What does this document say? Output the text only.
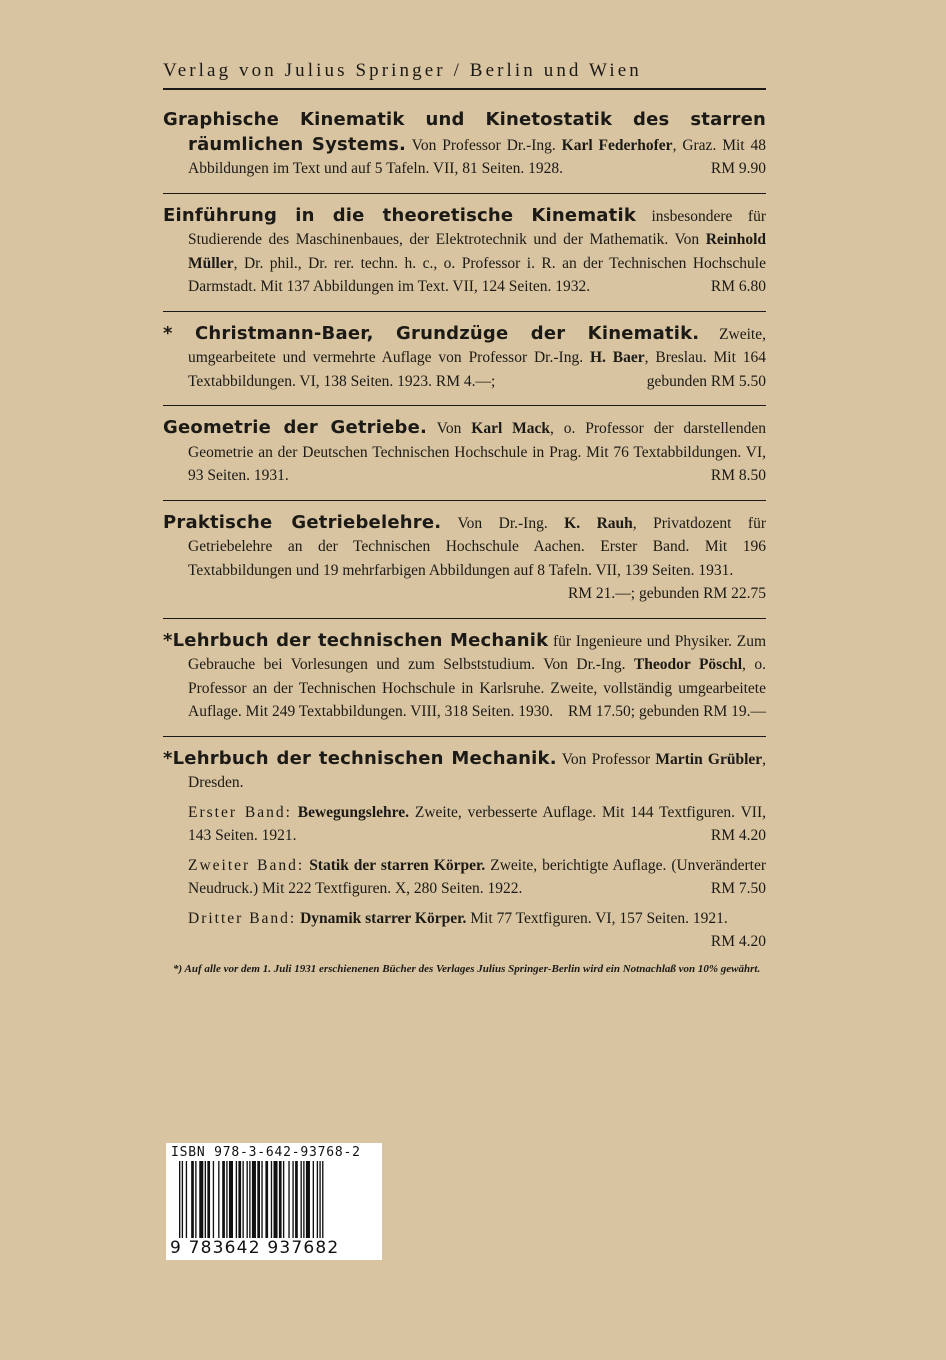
Verlag von Julius Springer / Berlin und Wien
Graphische Kinematik und Kinetostatik des starren räumlichen Systems. Von Professor Dr.-Ing. Karl Federhofer, Graz. Mit 48 Abbildungen im Text und auf 5 Tafeln. VII, 81 Seiten. 1928.	RM 9.90
Einführung in die theoretische Kinematik insbesondere für Studierende des Maschinenbaues, der Elektrotechnik und der Mathematik. Von Reinhold Müller, Dr. phil., Dr. rer. techn. h. c., o. Professor i. R. an der Technischen Hochschule Darmstadt. Mit 137 Abbildungen im Text. VII, 124 Seiten. 1932.	RM 6.80
* Christmann-Baer, Grundzüge der Kinematik. Zweite, umgearbeitete und vermehrte Auflage von Professor Dr.-Ing. H. Baer, Breslau. Mit 164 Textabbildungen. VI, 138 Seiten. 1923. RM 4.—;	gebunden RM 5.50
Geometrie der Getriebe. Von Karl Mack, o. Professor der darstellenden Geometrie an der Deutschen Technischen Hochschule in Prag. Mit 76 Textabbildungen. VI, 93 Seiten. 1931.	RM 8.50
Praktische Getriebelehre. Von Dr.-Ing. K. Rauh, Privatdozent für Getriebelehre an der Technischen Hochschule Aachen. Erster Band. Mit 196 Textabbildungen und 19 mehrfarbigen Abbildungen auf 8 Tafeln. VII, 139 Seiten. 1931.
RM 21.—; gebunden RM 22.75
*Lehrbuch der technischen Mechanik für Ingenieure und Physiker. Zum Gebrauche bei Vorlesungen und zum Selbststudium. Von Dr.-Ing. Theodor Pöschl, o. Professor an der Technischen Hochschule in Karlsruhe. Zweite, vollständig umgearbeitete Auflage. Mit 249 Textabbildungen. VIII, 318 Seiten. 1930. RM 17.50; gebunden RM 19.—
*Lehrbuch der technischen Mechanik. Von Professor Martin Grübler, Dresden.
Erster Band: Bewegungslehre. Zweite, verbesserte Auflage. Mit 144 Textfiguren. VII, 143 Seiten. 1921.	RM 4.20
Zweiter Band: Statik der starren Körper. Zweite, berichtigte Auflage. (Unveränderter Neudruck.) Mit 222 Textfiguren. X, 280 Seiten. 1922.	RM 7.50
Dritter Band: Dynamik starrer Körper. Mit 77 Textfiguren. VI, 157 Seiten. 1921.
RM 4.20
*) Auf alle vor dem 1. Juli 1931 erschienenen Bücher des Verlages Julius Springer-Berlin wird ein Notnachlaß von 10% gewährt.
ISBN 978-3-642-93768-2
9 783642 937682
